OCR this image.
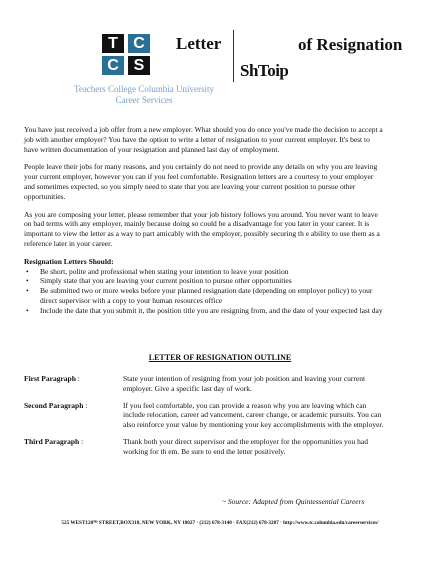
T C
C S
Letter	of Resignation
ShToip
Teachers College Columbia University
Career Services

You have just received a job offer from a new employer. What should you do once you've made the decision to accept a job with another employer? You have the option to write a letter of resignation to your current employer. It's best to have written documentation of your resignation and planned last day of employment.

People leave their jobs for many reasons, and you certainly do not need to provide any details on why you are leaving your current employer, however you can if you feel comfortable. Resignation letters are a courtesy to your employer and sometimes expected, so you simply need to state that you are leaving your current position to pursue other opportunities.

As you are composing your letter, please remember that your job history follows you around. You never want to leave on bad terms with any employer, mainly because doing so could be a disadvantage for you later in your career. It is important to view the letter as a way to part amicably with the employer, possibly securing th e ability to use them as a reference later in your career.

Resignation Letters Should:
• Be short, polite and professional when stating your intention to leave your position
• Simply state that you are leaving your current position to pursue other opportunities
• Be submitted two or more weeks before your planned resignation date (depending on employer policy) to your direct supervisor with a copy to your human resources office
• Include the date that you submit it, the position title you are resigning from, and the date of your expected last day
LETTER OF RESIGNATION OUTLINE
First Paragraph :	State your intention of resigning from your job position and leaving your current employer. Give a specific last day of work.
Second Paragraph :	If you feel comfortable, you can provide a reason why you are leaving which can include relocation, career ad vancement, career change, or academic pursuits. You can also reinforce your value by mentioning your key accomplishments with the employer.
Third Paragraph :	Thank both your direct supervisor and the employer for the opportunities you had working for th em. Be sure to end the letter positively.
~ Source: Adapted from Quintessential Careers
525 WEST120ᵀᴴ STREET,BOX310, NEW YORK, NY 10027 · (212) 678-3140 · FAX(212) 678-3207 · http://www.tc.columbia.edu/careerservices/
